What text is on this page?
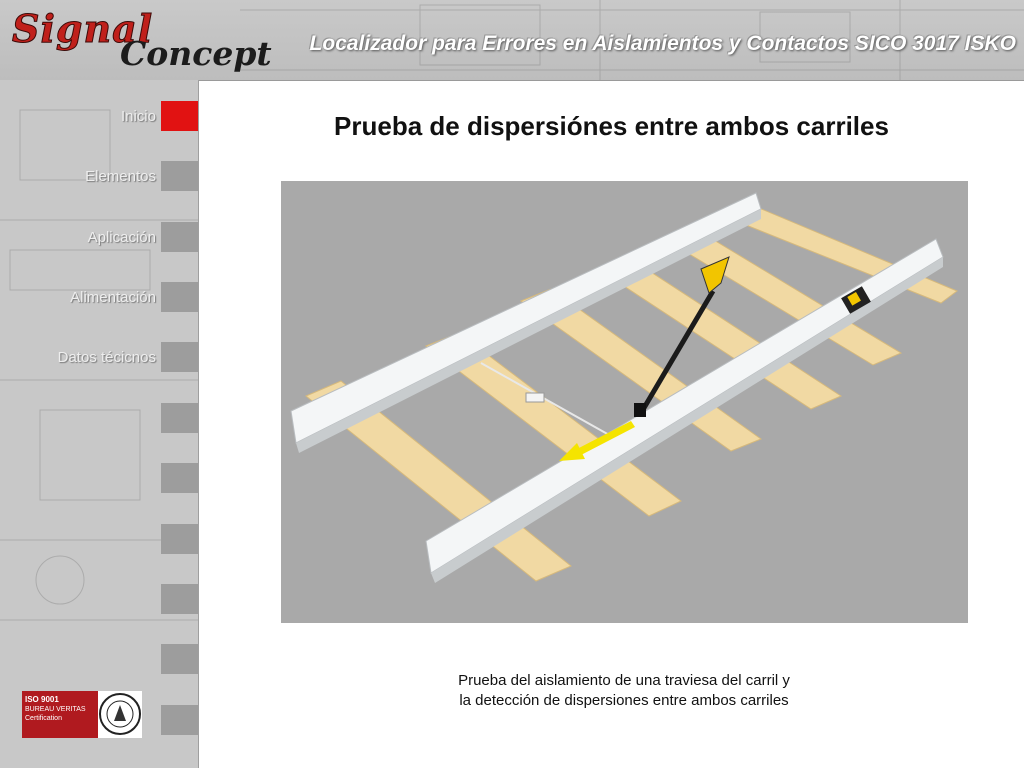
Signal
Concept Localizador para Errores en Aislamientos y Contactos SICO 3017 ISKO
Inicio
Elementos
Aplicación
Alimentación
Datos técicnos
ISO 9001
BUREAU VERITAS
Certification
Prueba de dispersiónes entre ambos carriles
Prueba del aislamiento de una traviesa del carril y
la detección de dispersiones entre ambos carriles
